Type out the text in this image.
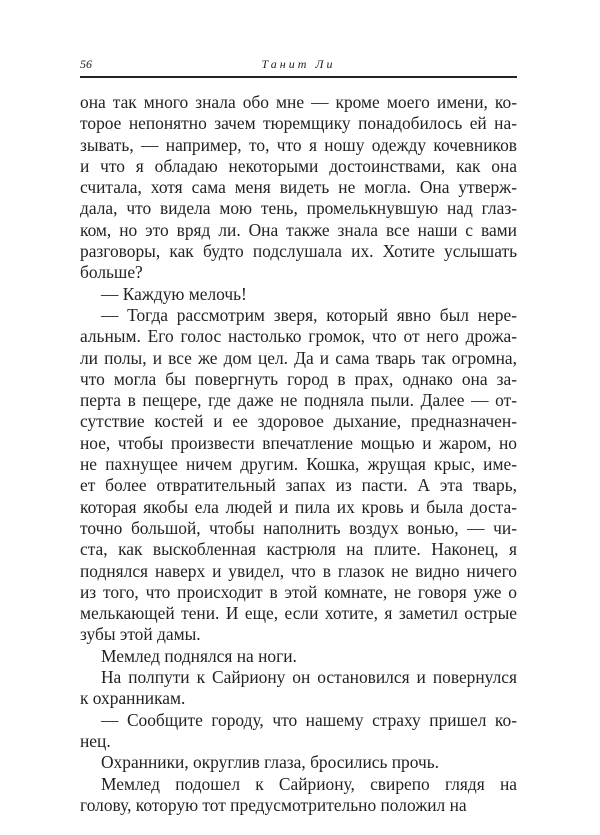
56	Танит Ли
она так много знала обо мне — кроме моего имени, ко-
торое непонятно зачем тюремщику понадобилось ей на-
зывать, — например, то, что я ношу одежду кочевников
и что я обладаю некоторыми достоинствами, как она
считала, хотя сама меня видеть не могла. Она утверж-
дала, что видела мою тень, промелькнувшую над глаз-
ком, но это вряд ли. Она также знала все наши с вами
разговоры, как будто подслушала их. Хотите услышать
больше?
— Каждую мелочь!
— Тогда рассмотрим зверя, который явно был нере-
альным. Его голос настолько громок, что от него дрожа-
ли полы, и все же дом цел. Да и сама тварь так огромна,
что могла бы повергнуть город в прах, однако она за-
перта в пещере, где даже не подняла пыли. Далее — от-
сутствие костей и ее здоровое дыхание, предназначен-
ное, чтобы произвести впечатление мощью и жаром, но
не пахнущее ничем другим. Кошка, жрущая крыс, име-
ет более отвратительный запах из пасти. А эта тварь,
которая якобы ела людей и пила их кровь и была доста-
точно большой, чтобы наполнить воздух вонью, — чи-
ста, как выскобленная кастрюля на плите. Наконец, я
поднялся наверх и увидел, что в глазок не видно ничего
из того, что происходит в этой комнате, не говоря уже о
мелькающей тени. И еще, если хотите, я заметил острые
зубы этой дамы.
Мемлед поднялся на ноги.
На полпути к Сайриону он остановился и повернулся
к охранникам.
— Сообщите городу, что нашему страху пришел ко-
нец.
Охранники, округлив глаза, бросились прочь.
Мемлед подошел к Сайриону, свирепо глядя на
голову, которую тот предусмотрительно положил на
